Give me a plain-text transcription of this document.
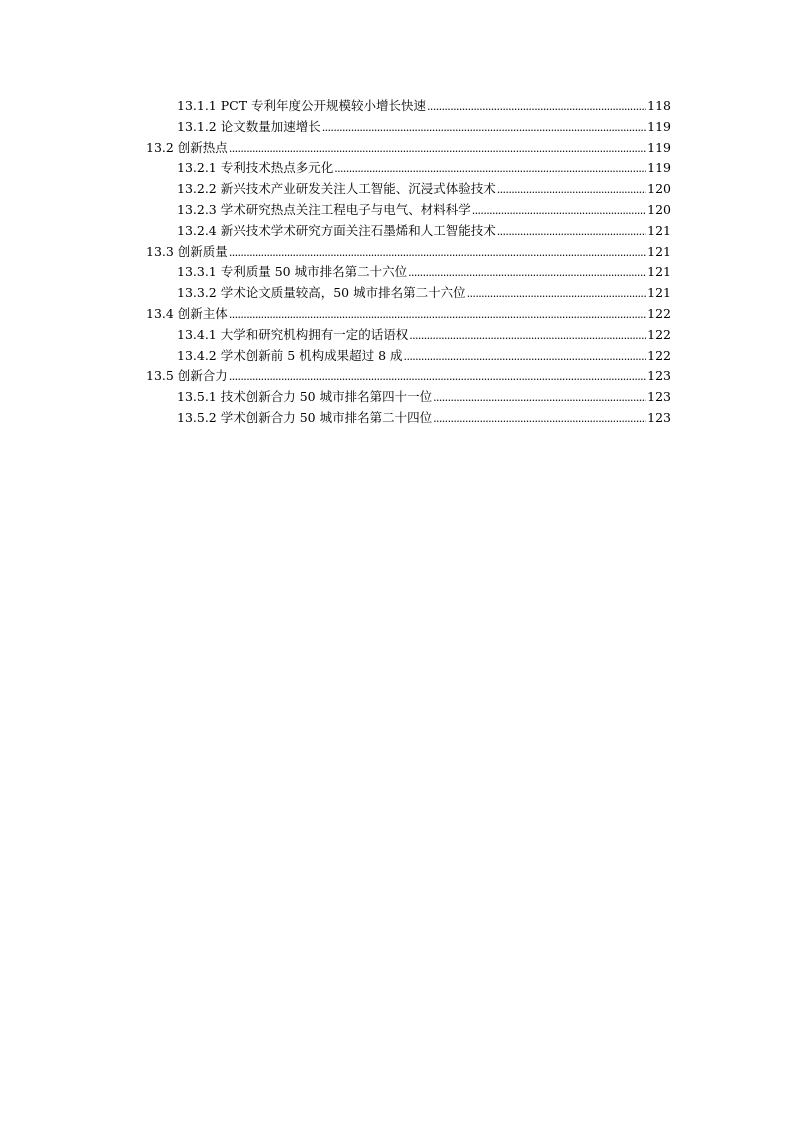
13.1.1 PCT 专利年度公开规模较小增长快速 .....	118
13.1.2 论文数量加速增长 .....	119
13.2 创新热点 .....	119
13.2.1 专利技术热点多元化 .....	119
13.2.2 新兴技术产业研发关注人工智能、沉浸式体验技术 .....	120
13.2.3 学术研究热点关注工程电子与电气、材料科学 .....	120
13.2.4 新兴技术学术研究方面关注石墨烯和人工智能技术 .....	121
13.3 创新质量 .....	121
13.3.1 专利质量 50 城市排名第二十六位 .....	121
13.3.2 学术论文质量较高，50 城市排名第二十六位 .....	121
13.4 创新主体 .....	122
13.4.1 大学和研究机构拥有一定的话语权 .....	122
13.4.2 学术创新前 5 机构成果超过 8 成 .....	122
13.5 创新合力 .....	123
13.5.1 技术创新合力 50 城市排名第四十一位 .....	123
13.5.2 学术创新合力 50 城市排名第二十四位 .....	123
